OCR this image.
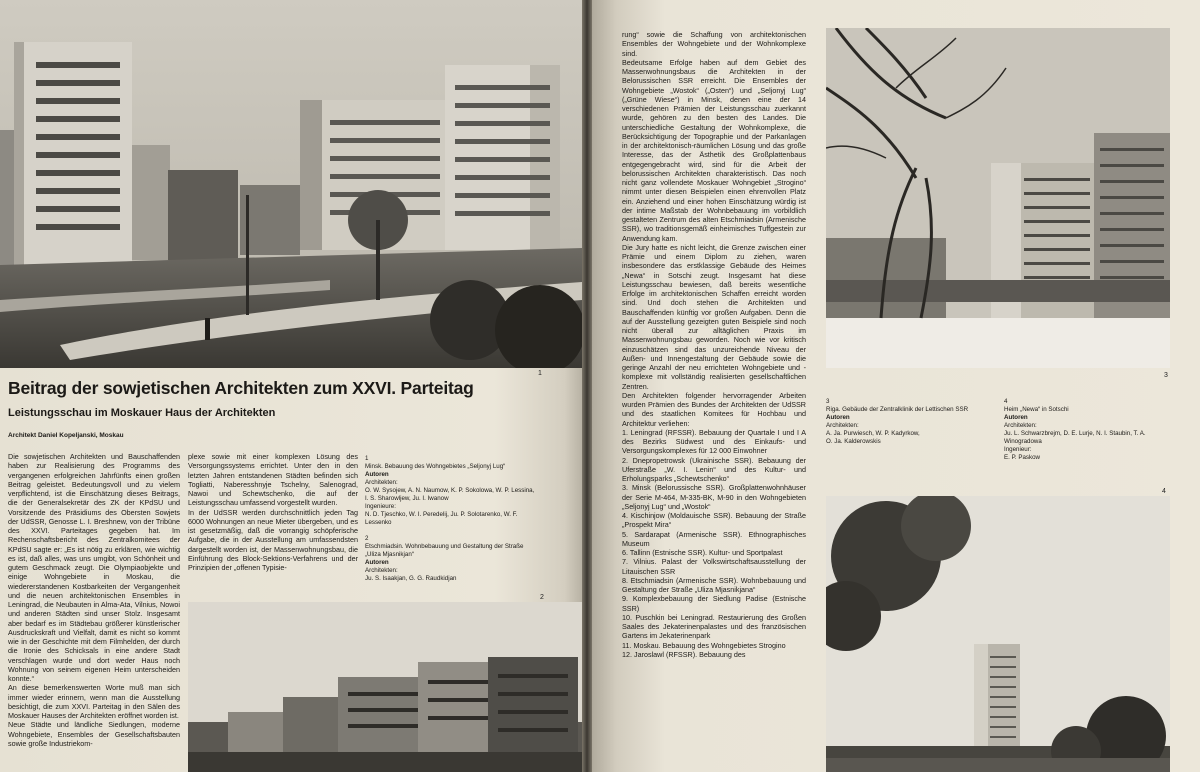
1
Beitrag der sowjetischen Architekten zum XXVI. Parteitag
Leistungsschau im Moskauer Haus der Architekten

Architekt Daniel Kopeljanski, Moskau

Die sowjetischen Architekten und Bauschaffenden haben zur Realisierung des Programms des vergangenen erfolgreichen Jahrfünfts einen großen Beitrag geleistet. Bedeutungsvoll und zu vielem verpflichtend, ist die Einschätzung dieses Beitrags, die der Generalsekretär des ZK der KPdSU und Vorsitzende des Präsidiums des Obersten Sowjets der UdSSR, Genosse L. I. Breshnew, von der Tribüne des XXVI. Parteitages gegeben hat. Im Rechenschaftsbericht des Zentralkomitees der KPdSU sagte er: „Es ist nötig zu erklären, wie wichtig es ist, daß alles, was uns umgibt, von Schönheit und gutem Geschmack zeugt. Die Olympiaobjekte und einige Wohngebiete in Moskau, die wiedererstandenen Kostbarkeiten der Vergangenheit und die neuen architektonischen Ensembles in Leningrad, die Neubauten in Alma-Ata, Vilnius, Nowoi und anderen Städten sind unser Stolz. Insgesamt aber bedarf es im Städtebau größerer künstlerischer Ausdruckskraft und Vielfalt, damit es nicht so kommt wie in der Geschichte mit dem Filmhelden, der durch die Ironie des Schicksals in eine andere Stadt verschlagen wurde und dort weder Haus noch Wohnung von seinem eigenen Heim unterscheiden konnte.“

An diese bemerkenswerten Worte muß man sich immer wieder erinnern, wenn man die Ausstellung besichtigt, die zum XXVI. Parteitag in den Sälen des Moskauer Hauses der Architekten eröffnet worden ist.

Neue Städte und ländliche Siedlungen, moderne Wohngebiete, Ensembles der Gesellschaftsbauten sowie große Industriekom-

plexe sowie mit einer komplexen Lösung des Versorgungssystems errichtet. Unter den in den letzten Jahren entstandenen Städten befinden sich Togliatti, Naberesshnyje Tschelny, Salenograd, Nawoi und Schewtschenko, die auf der Leistungsschau umfassend vorgestellt wurden.

In der UdSSR werden durchschnittlich jeden Tag 6000 Wohnungen an neue Mieter übergeben, und es ist gesetzmäßig, daß die vorrangig schöpferische Aufgabe, die in der Ausstellung am umfassendsten dargestellt worden ist, der Massenwohnungsbau, die Einführung des Block-Sektions-Verfahrens und der Prinzipien der „offenen Typisie-

1

Minsk. Bebauung des Wohngebietes „Seljonyj Lug“

Autoren

Architekten:

O. W. Sysojew, A. N. Naumow, K. P. Sokolowa, W. P. Lessina, I. S. Sharowljew, Ju. I. Iwanow

Ingenieure:

N. D. Tjeschko, W. I. Peredelij, Ju. P. Solotarenko, W. F. Lessenko

2

Etschmiadsin. Wohnbebauung und Gestaltung der Straße „Uliza Mjasnikjan“

Autoren

Architekten:

Ju. S. Isaakjan, G. G. Raudkidjan

2

rung“ sowie die Schaffung von architektonischen Ensembles der Wohngebiete und der Wohnkomplexe sind.

Bedeutsame Erfolge haben auf dem Gebiet des Massenwohnungsbaus die Architekten in der Belorussischen SSR erreicht. Die Ensembles der Wohngebiete „Wostok“ („Osten“) und „Seljonyj Lug“ („Grüne Wiese“) in Minsk, denen eine der 14 verschiedenen Prämien der Leistungsschau zuerkannt wurde, gehören zu den besten des Landes. Die unterschiedliche Gestaltung der Wohnkomplexe, die Berücksichtigung der Topographie und der Parkanlagen in der architektonisch-räumlichen Lösung und das große Interesse, das der Ästhetik des Großplattenbaus entgegengebracht wird, sind für die Arbeit der belorussischen Architekten charakteristisch. Das noch nicht ganz vollendete Moskauer Wohngebiet „Strogino“ nimmt unter diesen Beispielen einen ehrenvollen Platz ein. Anziehend und einer hohen Einschätzung würdig ist der intime Maßstab der Wohnbebauung im vorbildlich gestalteten Zentrum des alten Etschmiadsin (Armenische SSR), wo traditionsgemäß einheimisches Tuffgestein zur Anwendung kam.

Die Jury hatte es nicht leicht, die Grenze zwischen einer Prämie und einem Diplom zu ziehen, waren insbesondere das erstklassige Gebäude des Heimes „Newa“ in Sotschi zeugt. Insgesamt hat diese Leistungsschau bewiesen, daß bereits wesentliche Erfolge im architektonischen Schaffen erreicht worden sind. Und doch stehen die Architekten und Bauschaffenden künftig vor großen Aufgaben. Denn die auf der Ausstellung gezeigten guten Beispiele sind noch nicht überall zur alltäglichen Praxis im Massenwohnungsbau geworden. Noch wie vor kritisch einzuschätzen sind das unzureichende Niveau der Außen- und Innengestaltung der Gebäude sowie die geringe Anzahl der neu errichteten Wohngebiete und -komplexe mit vollständig realisierten gesellschaftlichen Zentren.

Den Architekten folgender hervorragender Arbeiten wurden Prämien des Bundes der Architekten der UdSSR und des staatlichen Komitees für Hochbau und Architektur verliehen:

1. Leningrad (RFSSR). Bebauung der Quartale I und I A des Bezirks Südwest und des Einkaufs- und Versorgungskomplexes für 12 000 Einwohner
2. Dnepropetrowsk (Ukrainische SSR). Bebauung der Uferstraße „W. I. Lenin“ und des Kultur- und Erholungsparks „Schewtschenko“
3. Minsk (Belorussische SSR). Großplattenwohnhäuser der Serie M-464, M-335-BK, M-90 in den Wohngebieten „Seljonyj Lug“ und „Wostok“
4. Kischinjow (Moldauische SSR). Bebauung der Straße „Prospekt Mira“
5. Sardarapat (Armenische SSR). Ethnographisches Museum
6. Tallinn (Estnische SSR). Kultur- und Sportpalast
7. Vilnius. Palast der Volkswirtschaftsausstellung der Litauischen SSR
8. Etschmiadsin (Armenische SSR). Wohnbebauung und Gestaltung der Straße „Uliza Mjasnikjana“
9. Komplexbebauung der Siedlung Padise (Estnische SSR)
10. Puschkin bei Leningrad. Restaurierung des Großen Saales des Jekaterinenpalastes und des französischen Gartens im Jekaterinenpark
11. Moskau. Bebauung des Wohngebietes Strogino
12. Jaroslawl (RFSSR). Bebauung des
3

3

Riga. Gebäude der Zentralklinik der Lettischen SSR

Autoren

Architekten:

A. Ja. Purwiesch, W. P. Kadyrkow,

O. Ja. Kalderowskis

4

Heim „Newa“ in Sotschi

Autoren

Architekten:

Ju. L. Schwarzbrejm, D. E. Lurje, N. I. Staubin, T. A. Winogradowa

Ingenieur:

E. P. Paskow

4
